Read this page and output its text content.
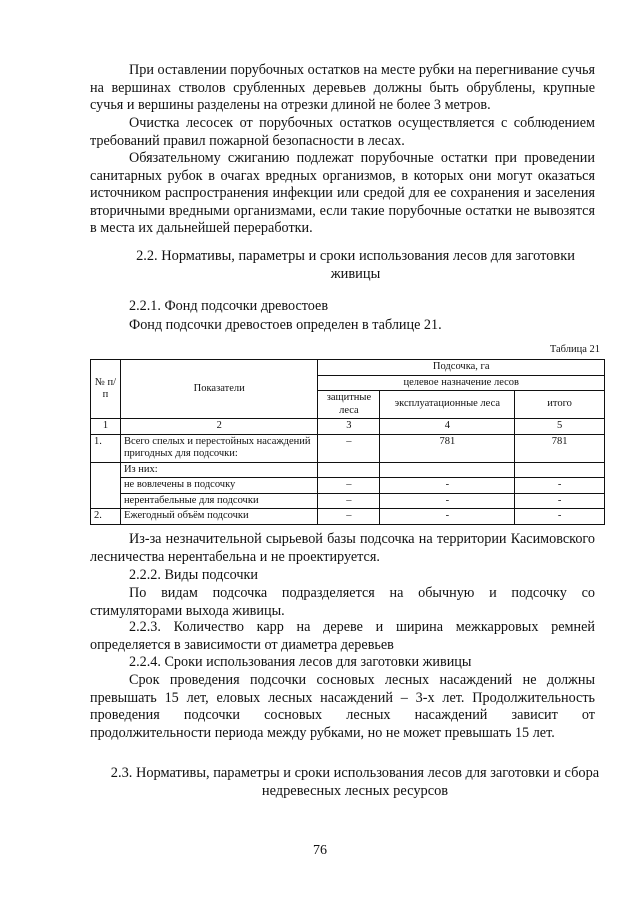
При оставлении порубочных остатков на месте рубки на перегнивание сучья на вершинах стволов срубленных деревьев должны быть обрублены, крупные сучья и вершины разделены на отрезки длиной не более 3 метров.

Очистка лесосек от порубочных остатков осуществляется с соблюдением требований правил пожарной безопасности в лесах.

Обязательному сжиганию подлежат порубочные остатки при проведении санитарных рубок в очагах вредных организмов, в которых они могут оказаться источником распространения инфекции или средой для ее сохранения и заселения вторичными вредными организмами, если такие порубочные остатки не вывозятся в места их дальнейшей переработки.

2.2. Нормативы, параметры и сроки использования лесов для заготовки живицы

2.2.1. Фонд подсочки древостоев

Фонд подсочки древостоев определен в таблице 21.

Таблица 21
№ п/п	Показатели	Подсочка, га		
		целевое назначение лесов		
		защитные леса	эксплуатационные леса	итого
1	2	3	4	5
1.	Всего спелых и перестойных насаждений пригодных для подсочки:	–	781	781
	Из них:			
	не вовлечены в подсочку	–	-	-
	нерентабельные для подсочки	–	-	-
2.	Ежегодный объём подсочки	–	-	-

Из-за незначительной сырьевой базы подсочка на территории Касимовского лесничества нерентабельна и не проектируется.

2.2.2. Виды подсочки

По видам подсочка подразделяется на обычную и подсочку со стимуляторами выхода живицы.

2.2.3. Количество карр на дереве и ширина межкарровых ремней определяется в зависимости от диаметра деревьев

2.2.4. Сроки использования лесов для заготовки живицы

Срок проведения подсочки сосновых лесных насаждений не должны превышать 15 лет, еловых лесных насаждений – 3-х лет. Продолжительность проведения подсочки сосновых лесных насаждений зависит от продолжительности периода между рубками, но не может превышать 15 лет.

2.3. Нормативы, параметры и сроки использования лесов для заготовки и сбора недревесных лесных ресурсов

76
